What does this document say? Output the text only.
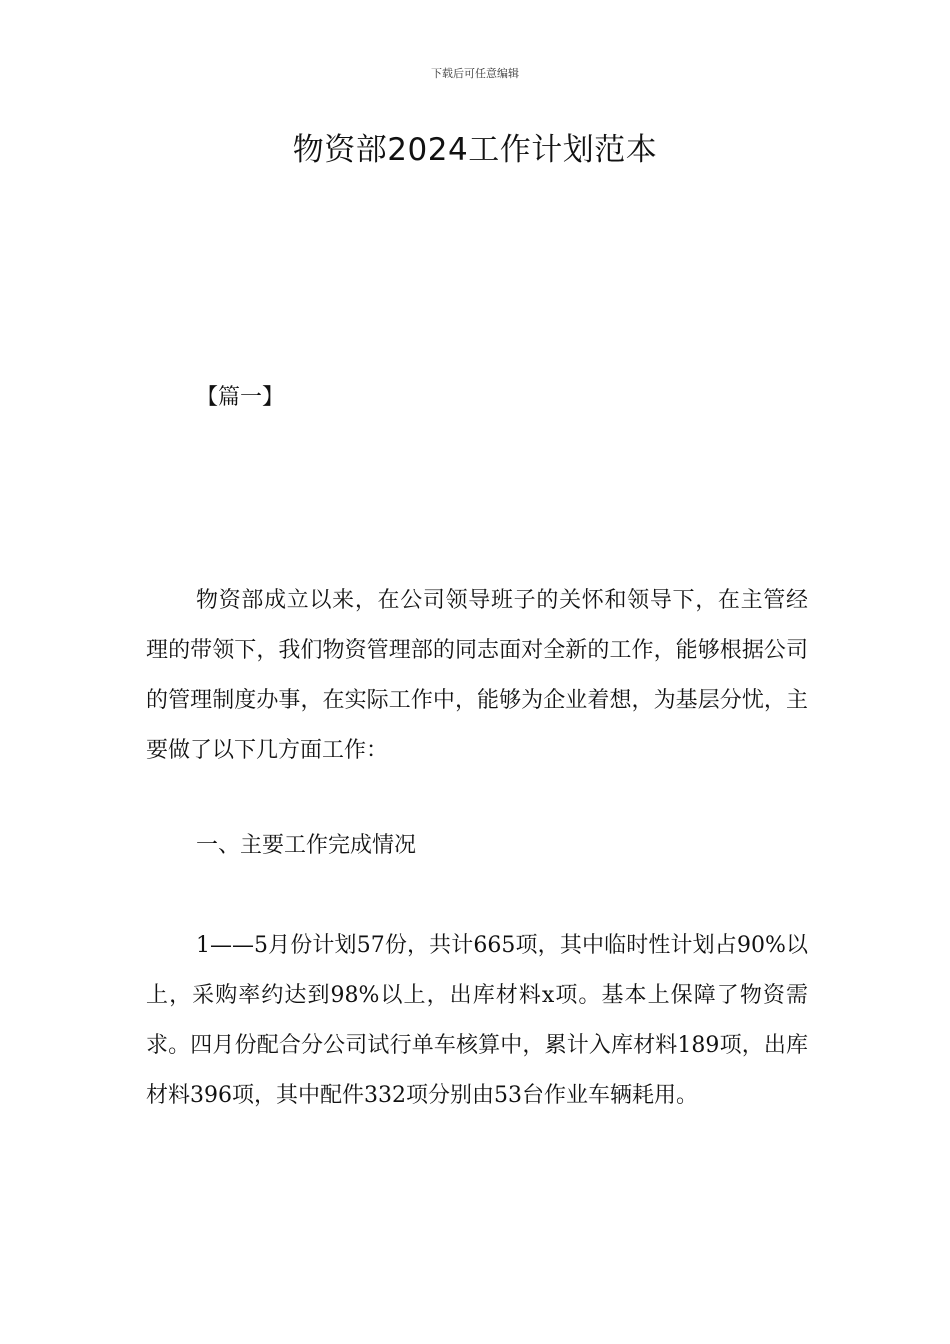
下载后可任意编辑
物资部2024工作计划范本
【篇一】

物资部成立以来，在公司领导班子的关怀和领导下，在主管经理的带领下，我们物资管理部的同志面对全新的工作，能够根据公司的管理制度办事，在实际工作中，能够为企业着想，为基层分忧，主要做了以下几方面工作：

一、主要工作完成情况

1——5月份计划57份，共计665项，其中临时性计划占90%以上，采购率约达到98%以上，出库材料x项。基本上保障了物资需求。四月份配合分公司试行单车核算中，累计入库材料189项，出库材料396项，其中配件332项分别由53台作业车辆耗用。
